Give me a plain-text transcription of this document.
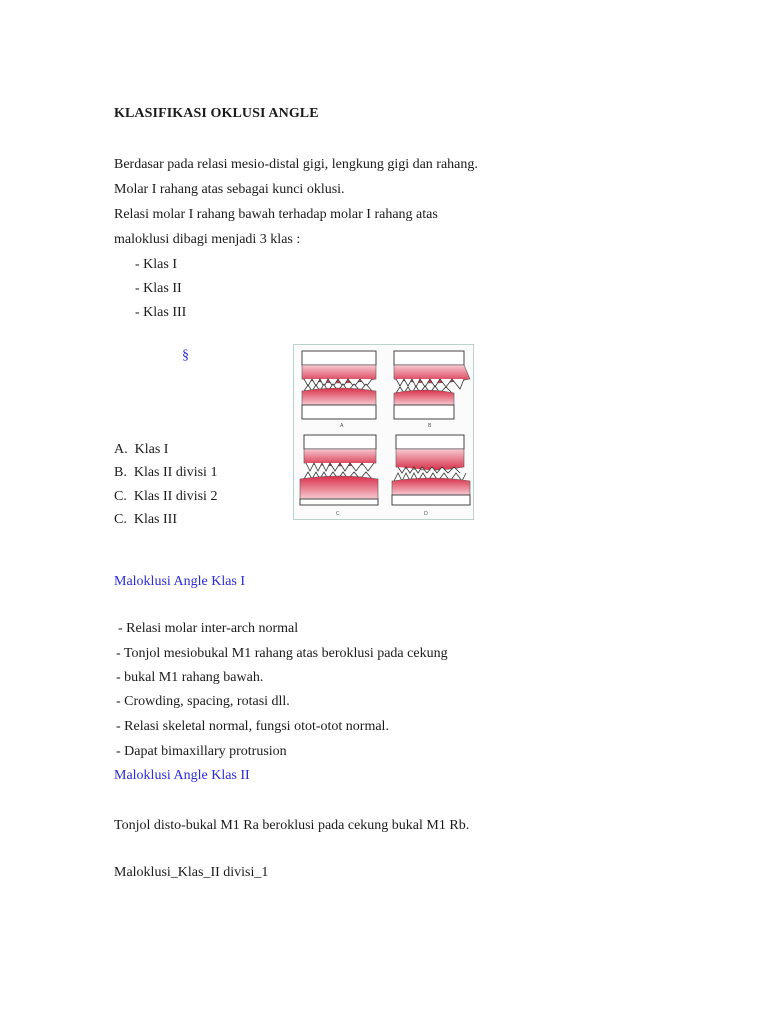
KLASIFIKASI OKLUSI ANGLE
Berdasar pada relasi mesio-distal gigi, lengkung gigi dan rahang.
Molar I rahang atas sebagai kunci oklusi.
Relasi molar I rahang bawah terhadap molar I rahang atas
maloklusi dibagi menjadi 3 klas :
- Klas I
- Klas II
- Klas III
§
A	B
C	D
A. Klas I
B. Klas II divisi 1
C. Klas II divisi 2
C. Klas III
Maloklusi Angle Klas I
- Relasi molar inter-arch normal
- Tonjol mesiobukal M1 rahang atas beroklusi pada cekung
- bukal M1 rahang bawah.
- Crowding, spacing, rotasi dll.
- Relasi skeletal normal, fungsi otot-otot normal.
- Dapat bimaxillary protrusion
Maloklusi Angle Klas II
Tonjol disto-bukal M1 Ra beroklusi pada cekung bukal M1 Rb.
Maloklusi_Klas_II divisi_1
